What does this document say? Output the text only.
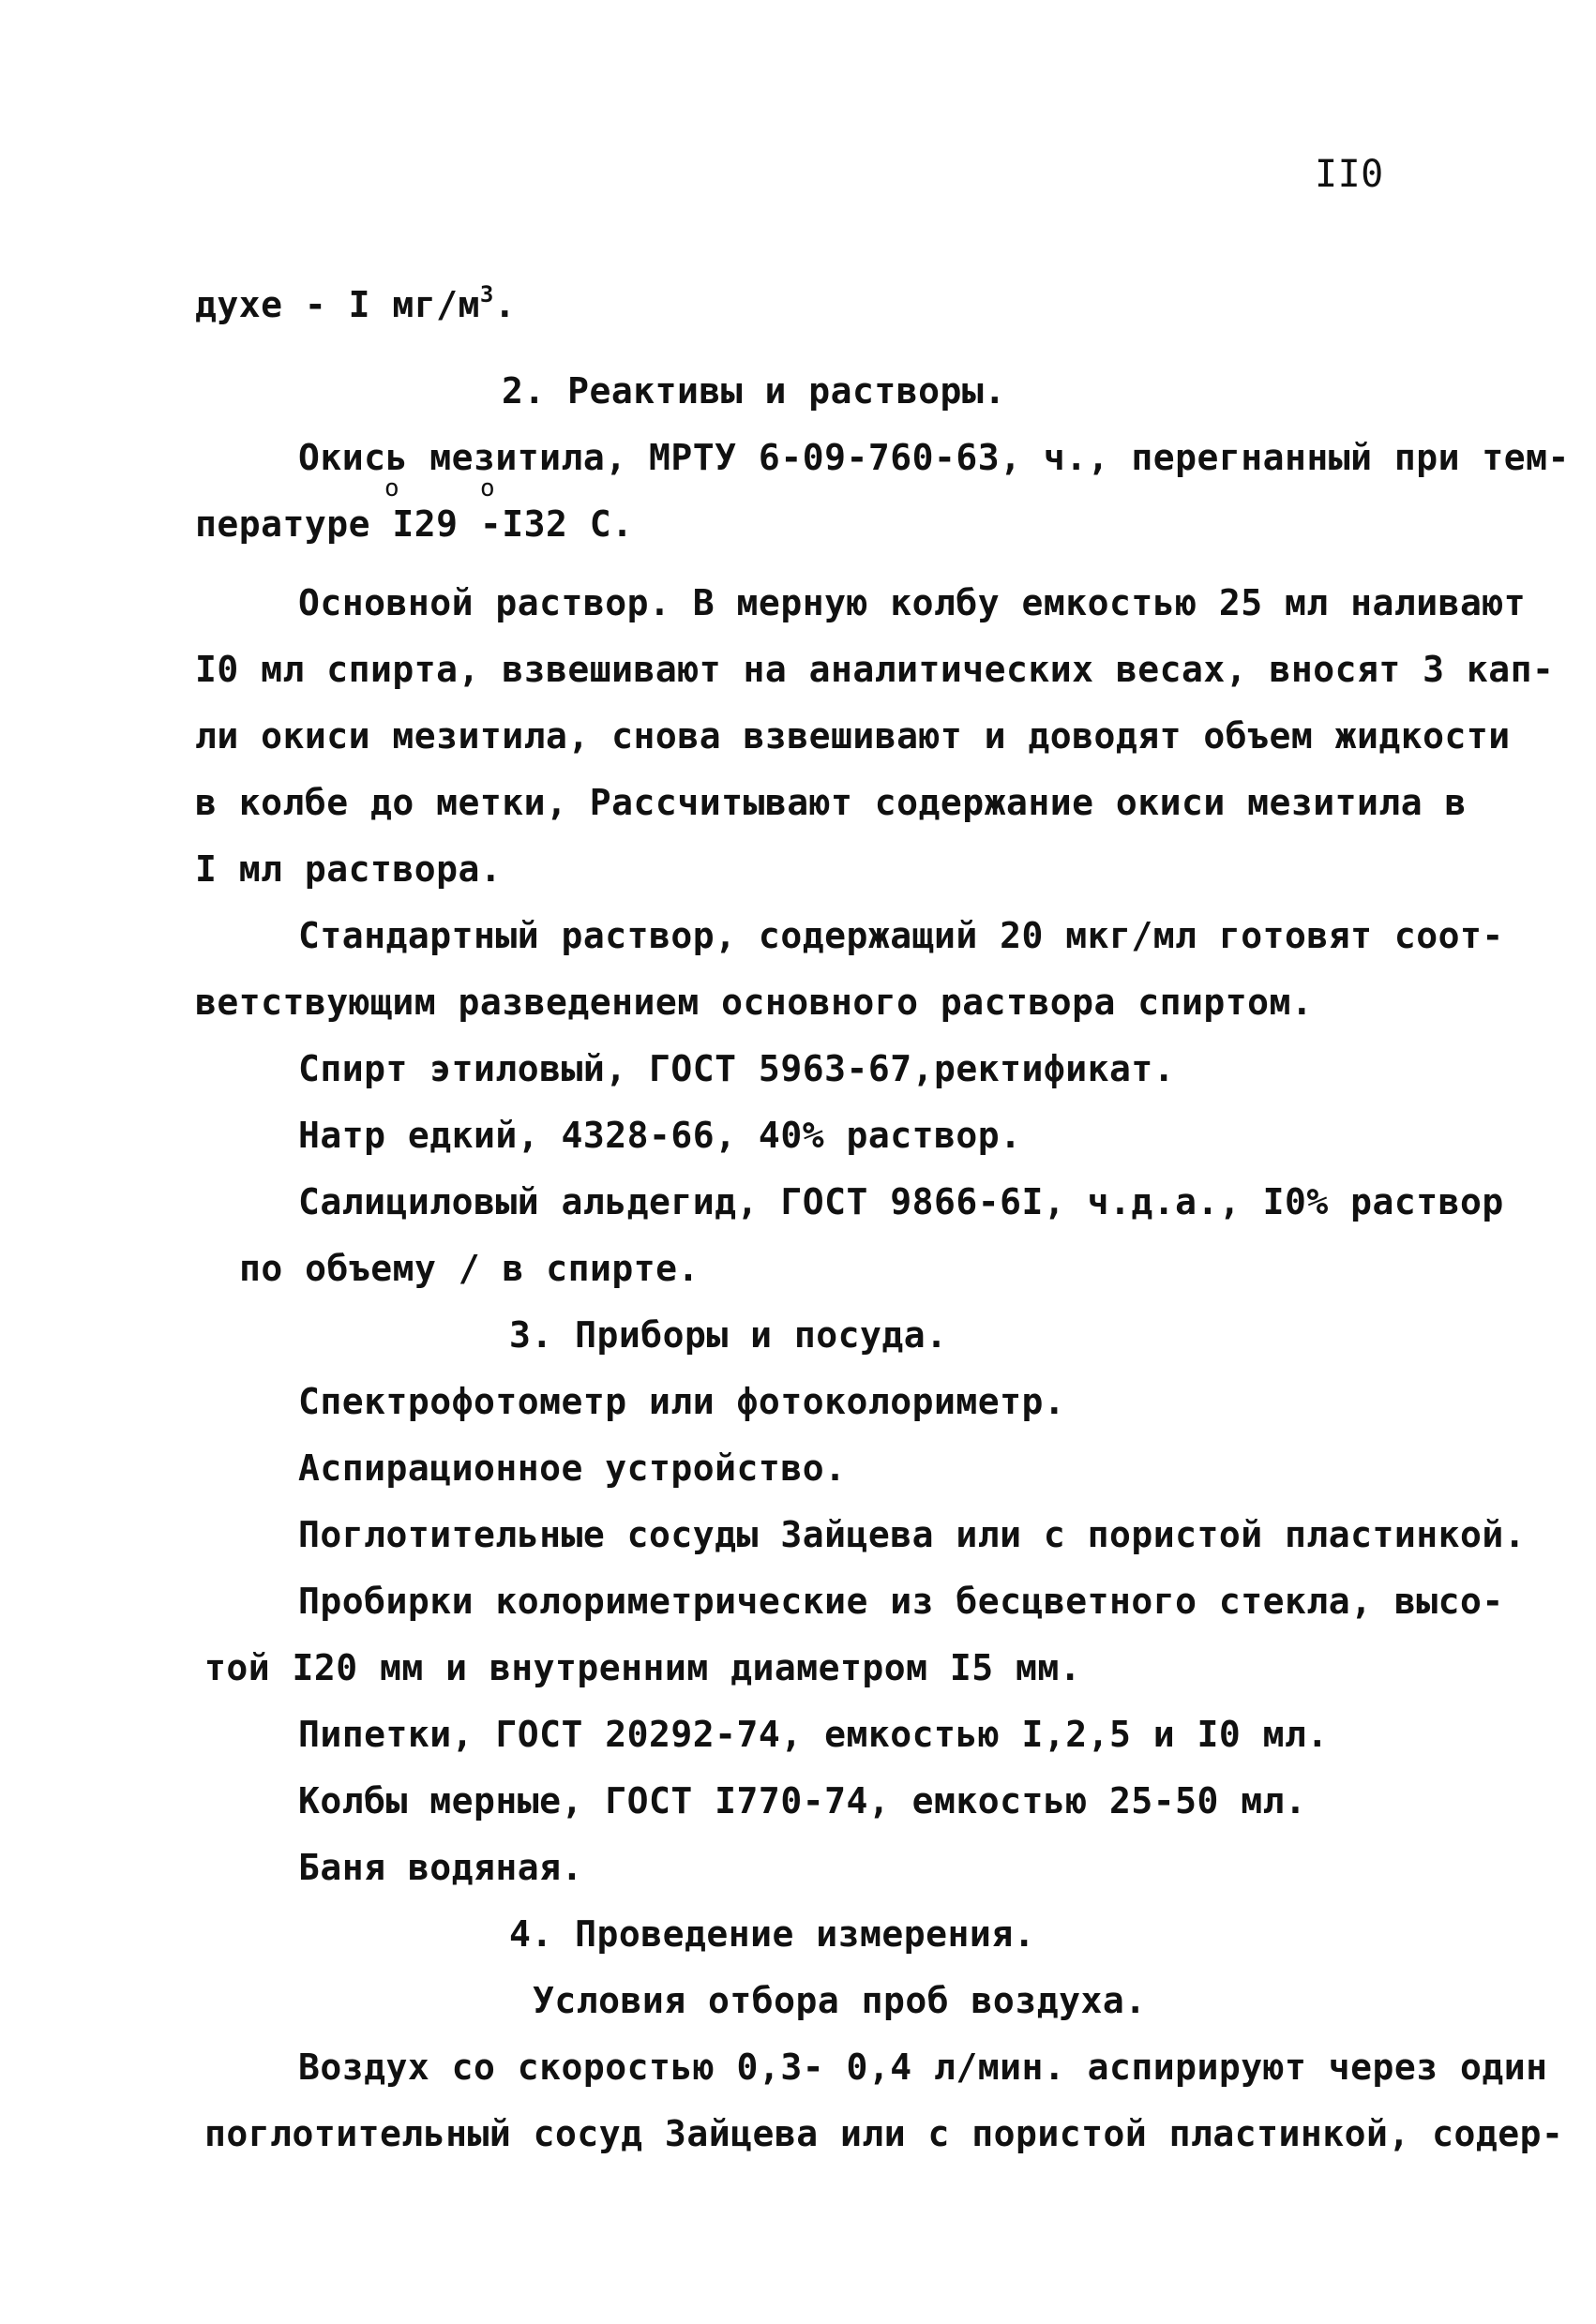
II0
духе - I $мг/м^3$.
2. Реактивы и растворы.
Окись мезитила, МРТУ 6-09-760-63, ч., перегнанный при тем-
о	о
пературе I29 -I32 С.
Основной раствор. В мерную колбу емкостью 25 мл наливают
I0 мл спирта, взвешивают на аналитических весах, вносят 3 кап-
ли окиси мезитила, снова взвешивают и доводят объем жидкости
в колбе до метки, Рассчитывают содержание окиси мезитила в
I мл раствора.
Стандартный раствор, содержащий 20 мкг/мл готовят соот-
ветствующим разведением основного раствора спиртом.
Спирт этиловый, ГОСТ 5963-67,ректификат.
Натр едкий, 4328-66, 40% раствор.
Салициловый альдегид, ГОСТ 9866-6I, ч.д.а., I0% раствор
по объему / в спирте.
3. Приборы и посуда.
Спектрофотометр или фотоколориметр.
Аспирационное устройство.
Поглотительные сосуды Зайцева или с пористой пластинкой.
Пробирки колориметрические из бесцветного стекла, высо-
той I20 мм и внутренним диаметром I5 мм.
Пипетки, ГОСТ 20292-74, емкостью I,2,5 и I0 мл.
Колбы мерные, ГОСТ I770-74, емкостью 25-50 мл.
Баня водяная.
4. Проведение измерения.
Условия отбора проб воздуха.
Воздух со скоростью 0,3- 0,4 л/мин. аспирируют через один
поглотительный сосуд Зайцева или с пористой пластинкой, содер-
